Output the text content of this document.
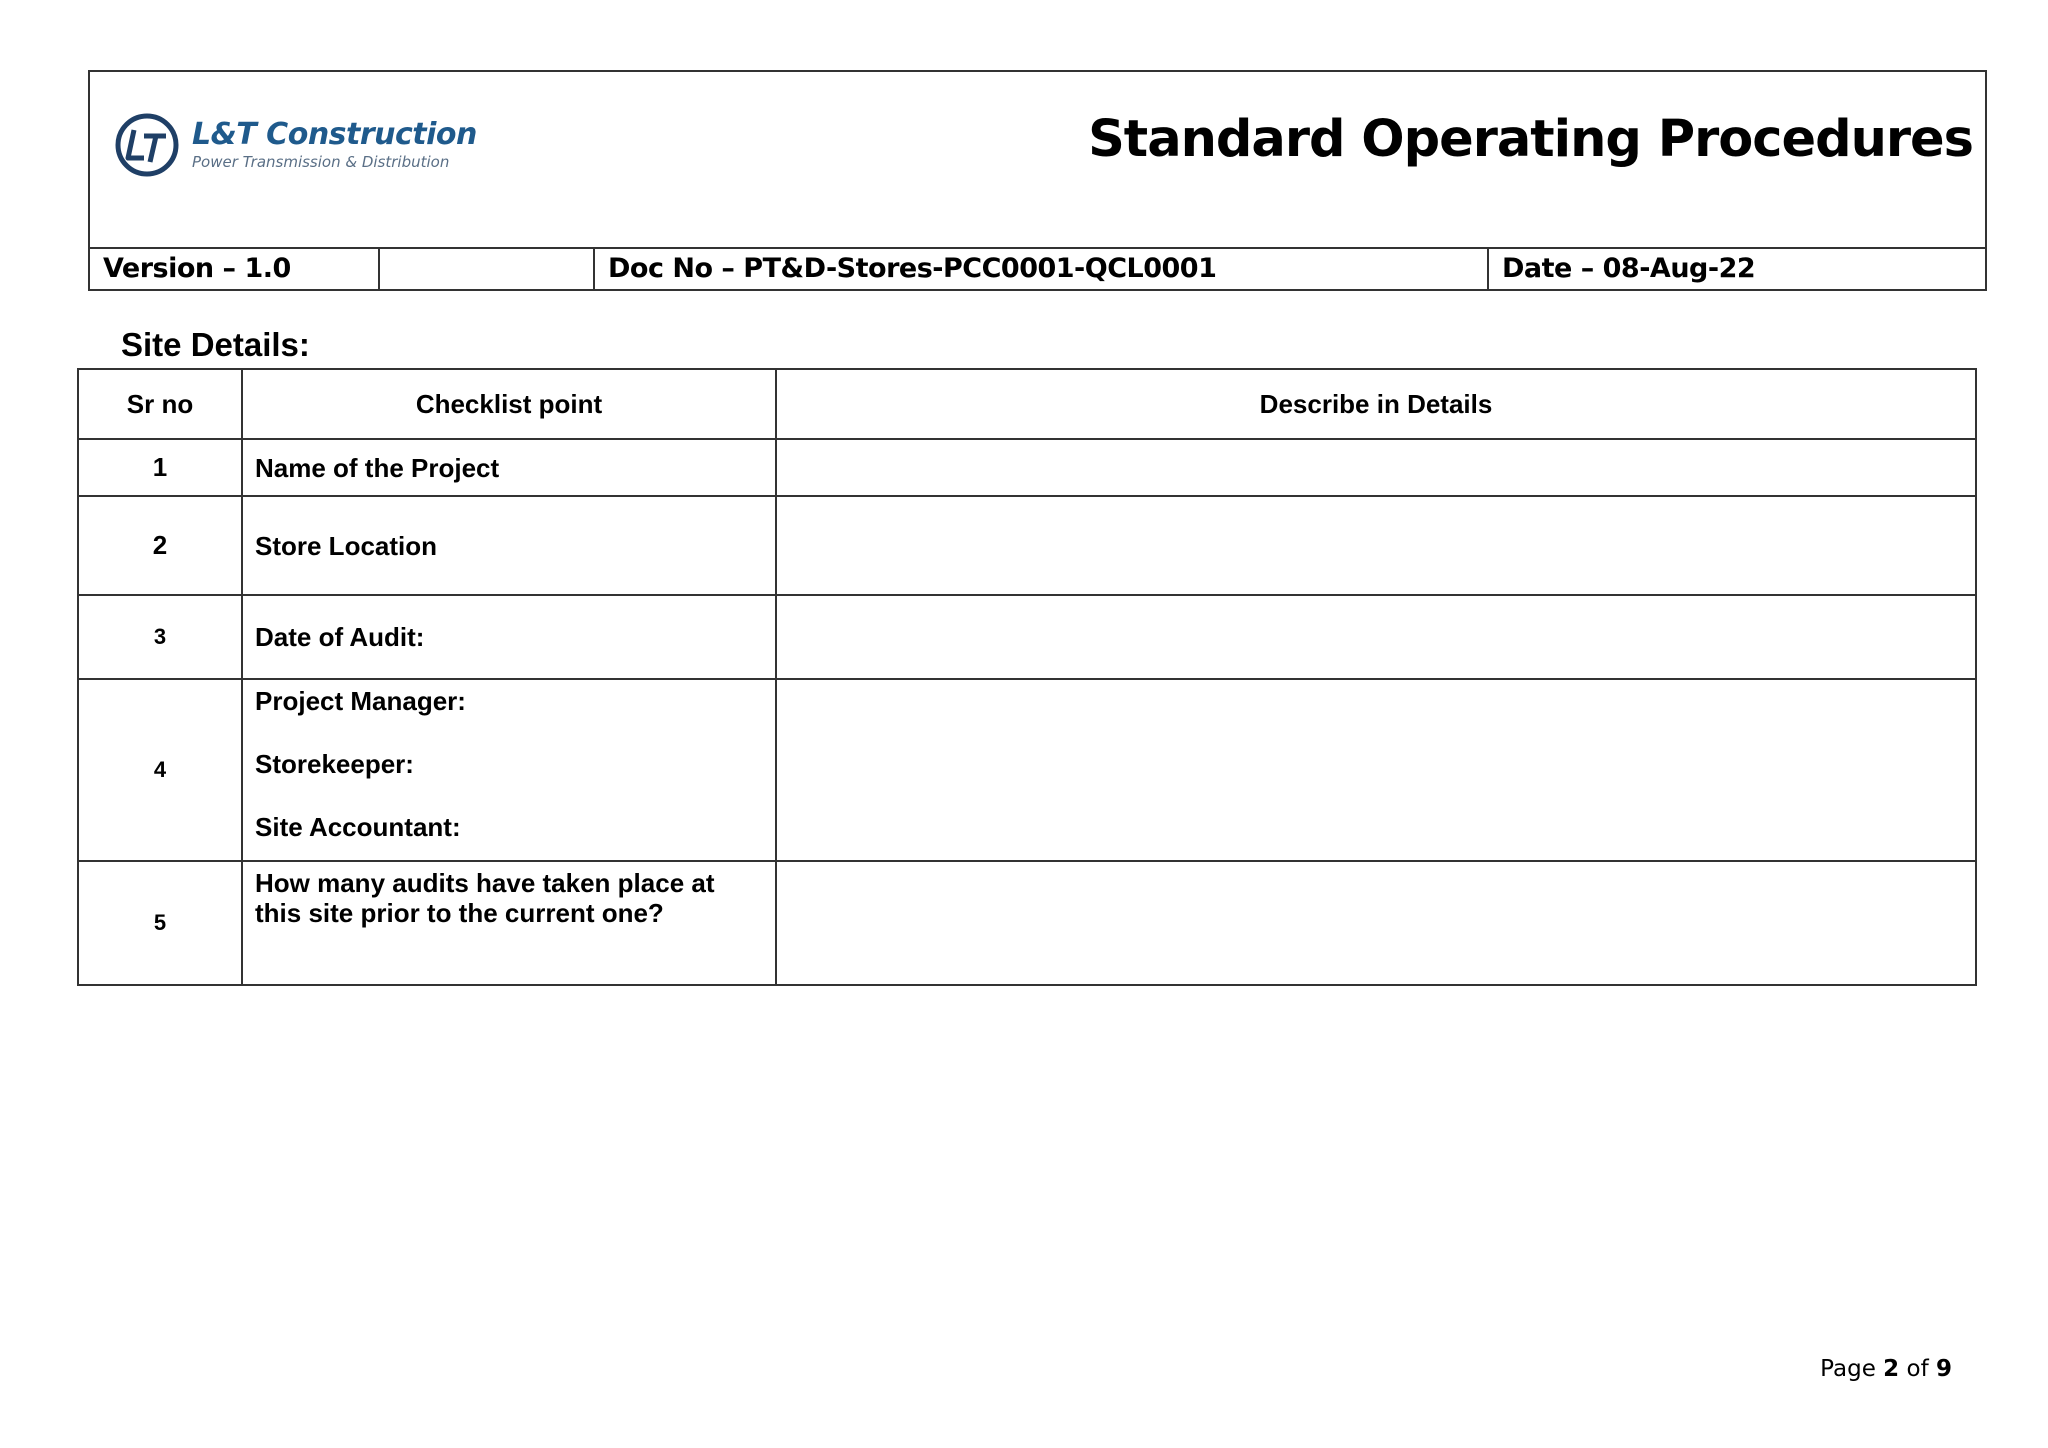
L&T Construction
Power Transmission & Distribution	Standard Operating Procedures
Version – 1.0	Doc No – PT&D-Stores-PCC0001-QCL0001	Date – 08-Aug-22
Site Details:
Sr no	Checklist point	Describe in Details
1	Name of the Project	

2	Store Location	

3	Date of Audit:	

4	Project Manager:
Storekeeper:
Site Accountant:	

5	How many audits have taken place at this site prior to the current one?	

Page 2 of 9
